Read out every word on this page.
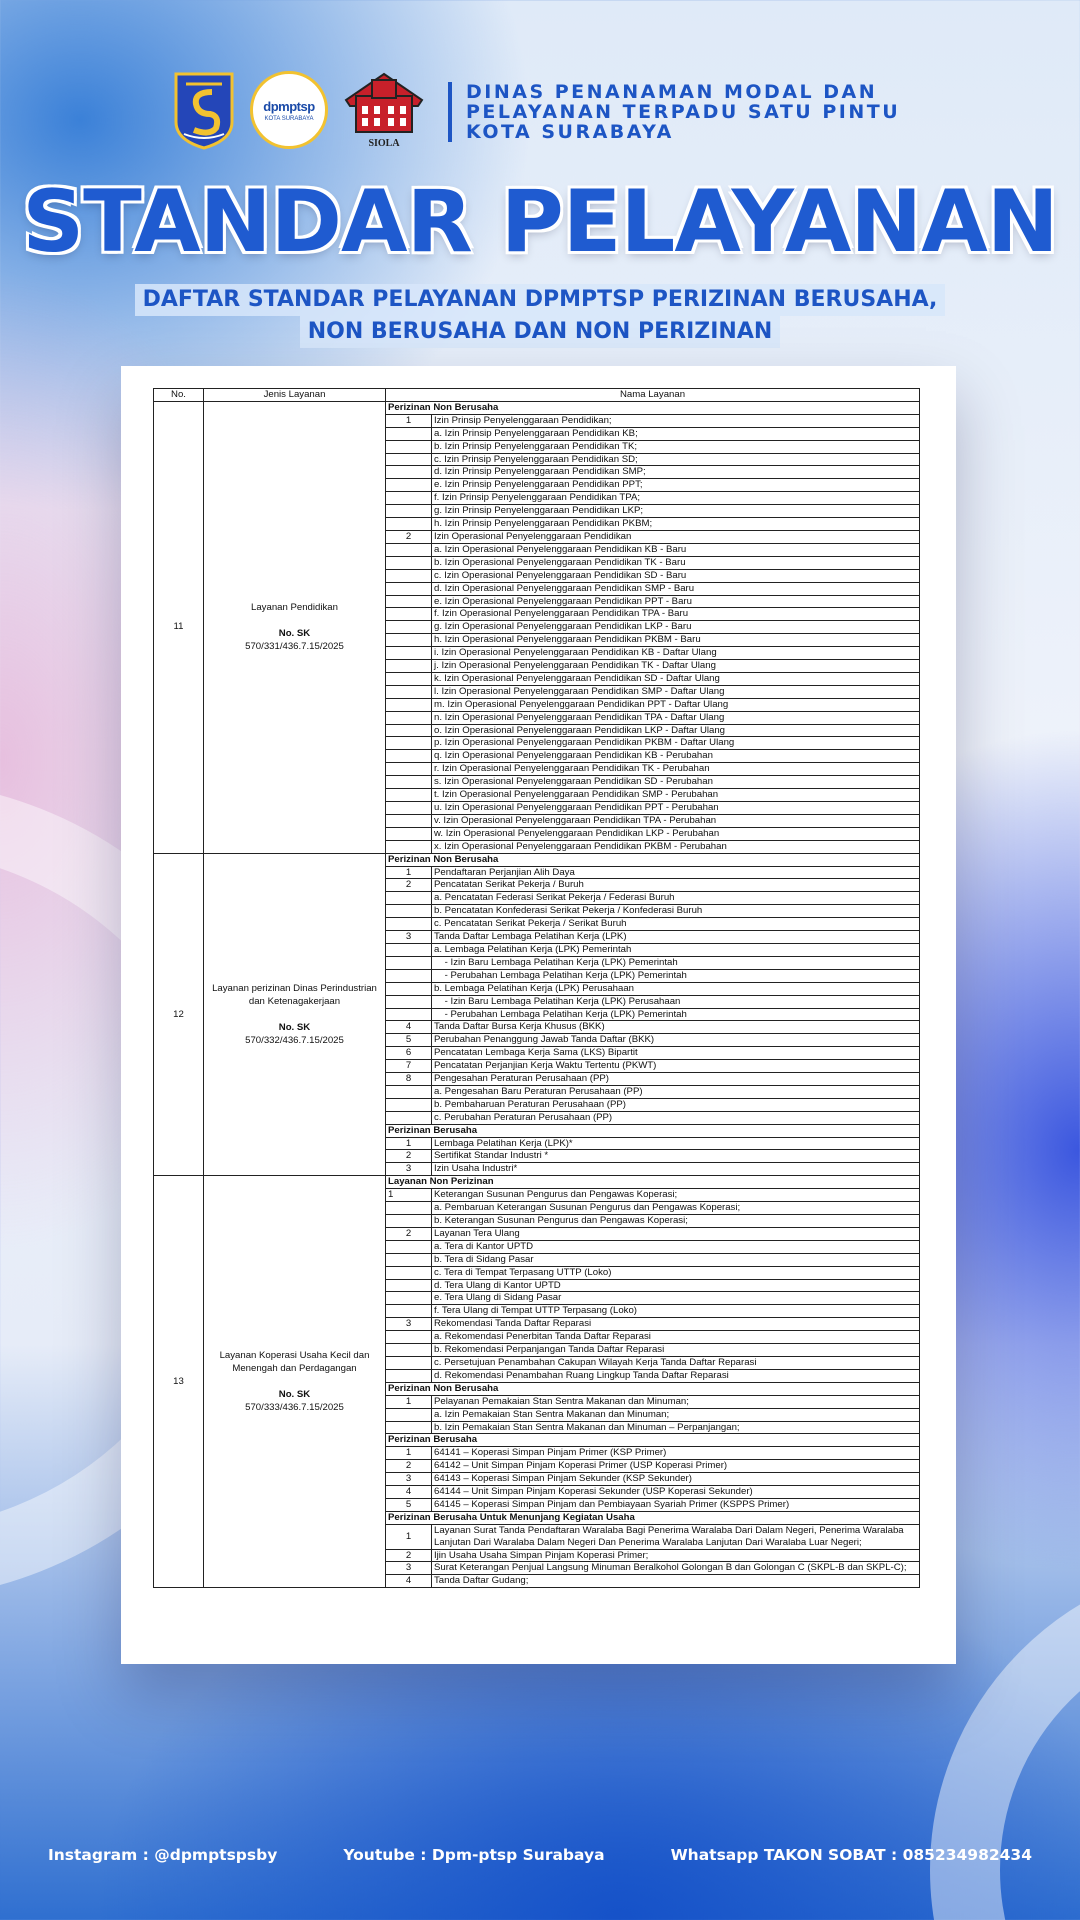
dpmptsp
KOTA SURABAYA
SIOLA
DINAS PENANAMAN MODAL DAN
PELAYANAN TERPADU SATU PINTU
KOTA SURABAYA
STANDAR PELAYANAN
DAFTAR STANDAR PELAYANAN DPMPTSP PERIZINAN BERUSAHA,
NON BERUSAHA DAN NON PERIZINAN
No.	Jenis Layanan	Nama Layanan	
11	Layanan Pendidikan
No. SK
570/331/436.7.15/2025	Perizinan Non Berusaha	
		1	Izin Prinsip Penyelenggaraan Pendidikan;
			a. Izin Prinsip Penyelenggaraan Pendidikan KB;
			b. Izin Prinsip Penyelenggaraan Pendidikan TK;
			c. Izin Prinsip Penyelenggaraan Pendidikan SD;
			d. Izin Prinsip Penyelenggaraan Pendidikan SMP;
			e. Izin Prinsip Penyelenggaraan Pendidikan PPT;
			f. Izin Prinsip Penyelenggaraan Pendidikan TPA;
			g. Izin Prinsip Penyelenggaraan Pendidikan LKP;
			h. Izin Prinsip Penyelenggaraan Pendidikan PKBM;
		2	Izin Operasional Penyelenggaraan Pendidikan
			a. Izin Operasional Penyelenggaraan Pendidikan KB - Baru
			b. Izin Operasional Penyelenggaraan Pendidikan TK - Baru
			c. Izin Operasional Penyelenggaraan Pendidikan SD - Baru
			d. Izin Operasional Penyelenggaraan Pendidikan SMP - Baru
			e. Izin Operasional Penyelenggaraan Pendidikan PPT - Baru
			f. Izin Operasional Penyelenggaraan Pendidikan TPA - Baru
			g. Izin Operasional Penyelenggaraan Pendidikan LKP - Baru
			h. Izin Operasional Penyelenggaraan Pendidikan PKBM - Baru
			i. Izin Operasional Penyelenggaraan Pendidikan KB - Daftar Ulang
			j. Izin Operasional Penyelenggaraan Pendidikan TK - Daftar Ulang
			k. Izin Operasional Penyelenggaraan Pendidikan SD - Daftar Ulang
			l. Izin Operasional Penyelenggaraan Pendidikan SMP - Daftar Ulang
			m. Izin Operasional Penyelenggaraan Pendidikan PPT - Daftar Ulang
			n. Izin Operasional Penyelenggaraan Pendidikan TPA - Daftar Ulang
			o. Izin Operasional Penyelenggaraan Pendidikan LKP - Daftar Ulang
			p. Izin Operasional Penyelenggaraan Pendidikan PKBM - Daftar Ulang
			q. Izin Operasional Penyelenggaraan Pendidikan KB - Perubahan
			r. Izin Operasional Penyelenggaraan Pendidikan TK - Perubahan
			s. Izin Operasional Penyelenggaraan Pendidikan SD - Perubahan
			t. Izin Operasional Penyelenggaraan Pendidikan SMP - Perubahan
			u. Izin Operasional Penyelenggaraan Pendidikan PPT - Perubahan
			v. Izin Operasional Penyelenggaraan Pendidikan TPA - Perubahan
			w. Izin Operasional Penyelenggaraan Pendidikan LKP - Perubahan
			x. Izin Operasional Penyelenggaraan Pendidikan PKBM - Perubahan
12	Layanan perizinan Dinas Perindustrian dan Ketenagakerjaan
No. SK
570/332/436.7.15/2025	Perizinan Non Berusaha	
		1	Pendaftaran Perjanjian Alih Daya
		2	Pencatatan Serikat Pekerja / Buruh
			a. Pencatatan Federasi Serikat Pekerja / Federasi Buruh
			b. Pencatatan Konfederasi Serikat Pekerja / Konfederasi Buruh
			c. Pencatatan Serikat Pekerja / Serikat Buruh
		3	Tanda Daftar Lembaga Pelatihan Kerja (LPK)
			a. Lembaga Pelatihan Kerja (LPK) Pemerintah
			- Izin Baru Lembaga Pelatihan Kerja (LPK) Pemerintah
			- Perubahan Lembaga Pelatihan Kerja (LPK) Pemerintah
			b. Lembaga Pelatihan Kerja (LPK) Perusahaan
			- Izin Baru Lembaga Pelatihan Kerja (LPK) Perusahaan
			- Perubahan Lembaga Pelatihan Kerja (LPK) Pemerintah
		4	Tanda Daftar Bursa Kerja Khusus (BKK)
		5	Perubahan Penanggung Jawab Tanda Daftar (BKK)
		6	Pencatatan Lembaga Kerja Sama (LKS) Bipartit
		7	Pencatatan Perjanjian Kerja Waktu Tertentu (PKWT)
		8	Pengesahan Peraturan Perusahaan (PP)
			a. Pengesahan Baru Peraturan Perusahaan (PP)
			b. Pembaharuan Peraturan Perusahaan (PP)
			c. Perubahan Peraturan Perusahaan (PP)
		Perizinan Berusaha	
		1	Lembaga Pelatihan Kerja (LPK)*
		2	Sertifikat Standar Industri *
		3	Izin Usaha Industri*
13	Layanan Koperasi Usaha Kecil dan Menengah dan Perdagangan
No. SK
570/333/436.7.15/2025	Layanan Non Perizinan	
		1	Keterangan Susunan Pengurus dan Pengawas Koperasi;
			a. Pembaruan Keterangan Susunan Pengurus dan Pengawas Koperasi;
			b. Keterangan Susunan Pengurus dan Pengawas Koperasi;
		2	Layanan Tera Ulang
			a. Tera di Kantor UPTD
			b. Tera di Sidang Pasar
			c. Tera di Tempat Terpasang UTTP (Loko)
			d. Tera Ulang di Kantor UPTD
			e. Tera Ulang di Sidang Pasar
			f. Tera Ulang di Tempat UTTP Terpasang (Loko)
		3	Rekomendasi Tanda Daftar Reparasi
			a. Rekomendasi Penerbitan Tanda Daftar Reparasi
			b. Rekomendasi Perpanjangan Tanda Daftar Reparasi
			c. Persetujuan Penambahan Cakupan Wilayah Kerja Tanda Daftar Reparasi
			d. Rekomendasi Penambahan Ruang Lingkup Tanda Daftar Reparasi
		Perizinan Non Berusaha	
		1	Pelayanan Pemakaian Stan Sentra Makanan dan Minuman;
			a. Izin Pemakaian Stan Sentra Makanan dan Minuman;
			b. Izin Pemakaian Stan Sentra Makanan dan Minuman – Perpanjangan;
		Perizinan Berusaha	
		1	64141 – Koperasi Simpan Pinjam Primer (KSP Primer)
		2	64142 – Unit Simpan Pinjam Koperasi Primer (USP Koperasi Primer)
		3	64143 – Koperasi Simpan Pinjam Sekunder (KSP Sekunder)
		4	64144 – Unit Simpan Pinjam Koperasi Sekunder (USP Koperasi Sekunder)
		5	64145 – Koperasi Simpan Pinjam dan Pembiayaan Syariah Primer (KSPPS Primer)
		Perizinan Berusaha Untuk Menunjang Kegiatan Usaha	
		1	Layanan Surat Tanda Pendaftaran Waralaba Bagi Penerima Waralaba Dari Dalam Negeri, Penerima Waralaba Lanjutan Dari Waralaba Dalam Negeri Dan Penerima Waralaba Lanjutan Dari Waralaba Luar Negeri;
		2	Ijin Usaha Usaha Simpan Pinjam Koperasi Primer;
		3	Surat Keterangan Penjual Langsung Minuman Beralkohol Golongan B dan Golongan C (SKPL-B dan SKPL-C);
		4	Tanda Daftar Gudang;
Instagram : @dpmptspsby	Youtube : Dpm-ptsp Surabaya	Whatsapp TAKON SOBAT : 085234982434
